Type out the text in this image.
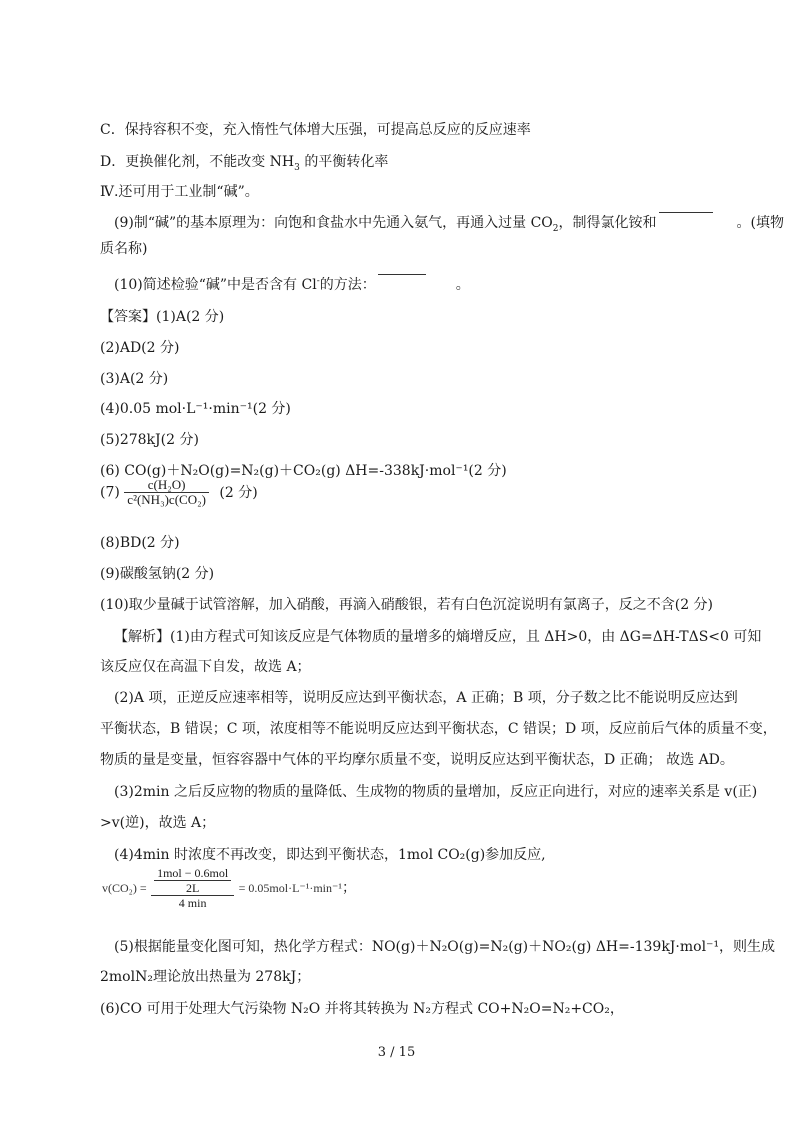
C．保持容积不变，充入惰性气体增大压强，可提高总反应的反应速率
D．更换催化剂，不能改变 $NH_3$ 的平衡转化率
Ⅳ.还可用于工业制“碱”。
(9)制“碱”的基本原理为：向饱和食盐水中先通入氨气，再通入过量 $CO_2$，制得氯化铵和	。(填物
质名称)
(10)简述检验“碱”中是否含有 Cl-的方法：	。
【答案】(1)A(2 分)
(2)AD(2 分)
(3)A(2 分)
(4)0.05 mol·L⁻¹·min⁻¹(2 分)
(5)278kJ(2 分)
(6) CO(g)＋N₂O(g)=N₂(g)＋CO₂(g) ΔH=-338kJ·mol⁻¹(2 分)
$(7) \frac{\text{c(H₂O)}}{\text{c²(NH₃)c(CO₂)}} (2$ 分)
(8)BD(2 分)
(9)碳酸氢钠(2 分)
(10)取少量碱于试管溶解，加入硝酸，再滴入硝酸银，若有白色沉淀说明有氯离子，反之不含(2 分)
【解析】(1)由方程式可知该反应是气体物质的量增多的熵增反应，且 ΔH>0，由 ΔG=ΔH-TΔS<0 可知
该反应仅在高温下自发，故选 A；
(2)A 项，正逆反应速率相等，说明反应达到平衡状态，A 正确；B 项，分子数之比不能说明反应达到
平衡状态，B 错误；C 项，浓度相等不能说明反应达到平衡状态，C 错误；D 项，反应前后气体的质量不变，
物质的量是变量，恒容容器中气体的平均摩尔质量不变，说明反应达到平衡状态，D 正确； 故选 AD。
(3)2min 之后反应物的物质的量降低、生成物的物质的量增加，反应正向进行，对应的速率关系是 v(正)
>v(逆)，故选 A；
(4)4min 时浓度不再改变，即达到平衡状态，1mol CO₂(g)参加反应,
$v(CO_2) = \frac{\frac{\text{1mol − 0.6mol}}{2L}}{4 \min} = 0.05mol\cdot L^{-1}\cdot\min^{-1}$；
(5)根据能量变化图可知，热化学方程式：NO(g)＋N₂O(g)=N₂(g)＋NO₂(g) ΔH=-139kJ·mol⁻¹，则生成
2molN₂理论放出热量为 278kJ；
(6)CO 可用于处理大气污染物 N₂O 并将其转换为 N₂方程式 CO+N₂O=N₂+CO₂，
3 / 15
